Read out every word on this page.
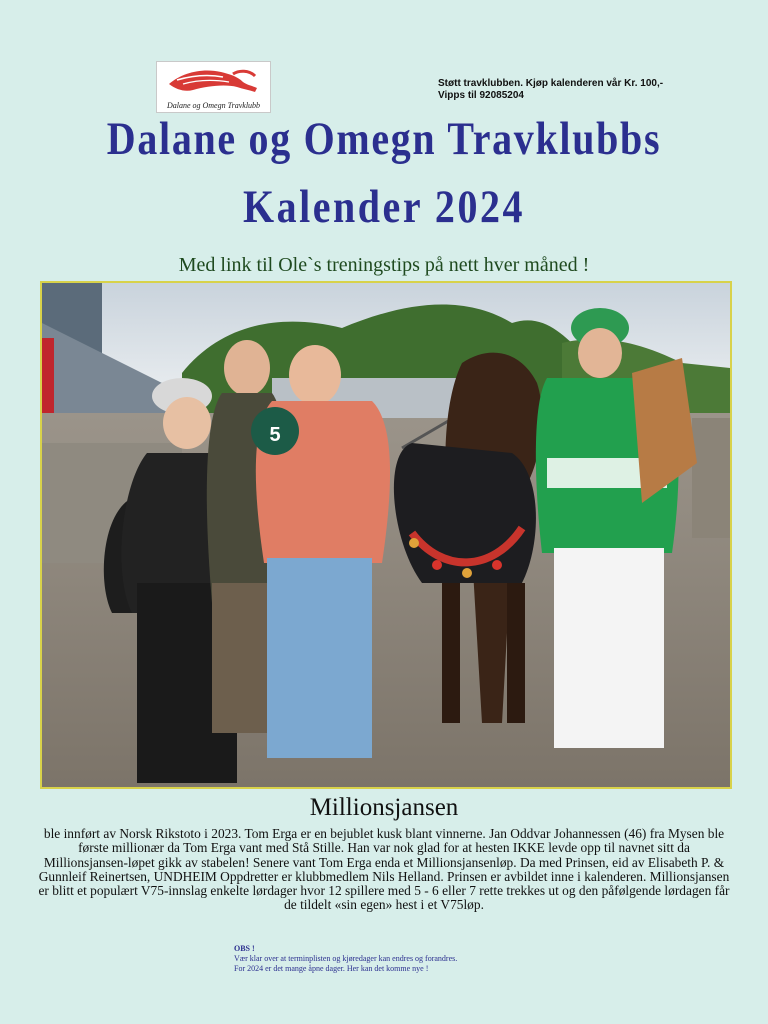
Dalane og Omegn Travklubb
Støtt travklubben. Kjøp kalenderen vår Kr. 100,-
Vipps til 92085204
Dalane og Omegn Travklubbs
Kalender 2024
Med link til Ole`s treningstips på nett hver måned !
5
Millionsjansen
ble innført av Norsk Rikstoto i 2023. Tom Erga er en bejublet kusk blant vinnerne. Jan Oddvar Johannessen (46) fra Mysen ble første millionær da Tom Erga vant med Stå Stille. Han var nok glad for at hesten IKKE levde opp til navnet sitt da Millionsjansen-løpet gikk av stabelen! Senere vant Tom Erga enda et Millionsjansenløp. Da med Prinsen, eid av Elisabeth P. & Gunnleif Reinertsen, UNDHEIM Oppdretter er klubbmedlem Nils Helland. Prinsen er avbildet inne i kalenderen. Millionsjansen er blitt et populært V75-innslag enkelte lørdager hvor 12 spillere med 5 - 6 eller 7 rette trekkes ut og den påfølgende lørdagen får de tildelt «sin egen» hest i et V75løp.
OBS !
Vær klar over at terminplisten og kjøredager kan endres og forandres.
For 2024 er det mange åpne dager. Her kan det komme nye !
